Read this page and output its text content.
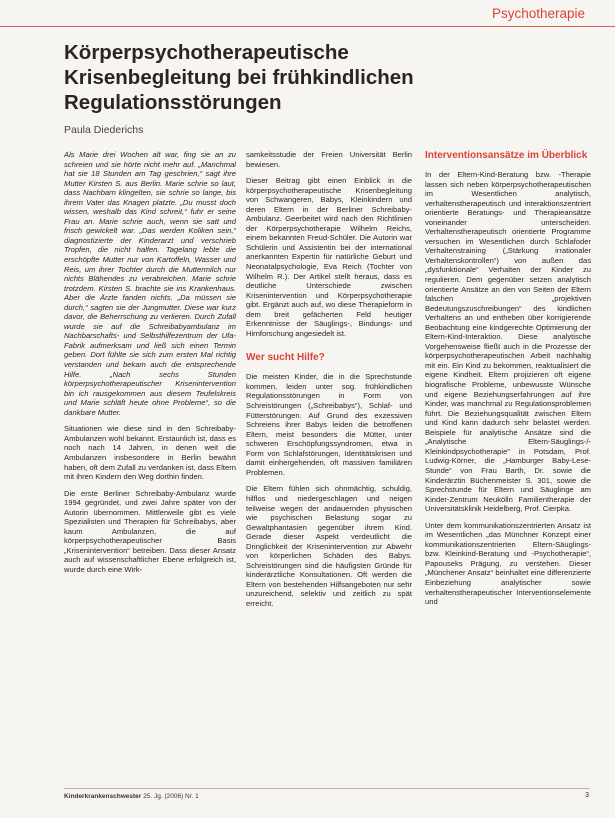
Psychotherapie
Körperpsychotherapeutische
Krisenbegleitung bei frühkindlichen
Regulationsstörungen
Paula Diederichs

Als Marie drei Wochen alt war, fing sie an zu schreien und sie hörte nicht mehr auf. „Manchmal hat sie 18 Stunden am Tag geschrien,“ sagt ihre Mutter Kirsten S. aus Berlin. Marie schrie so laut, dass Nachbarn klingelten, sie schrie so lange, bis ihrem Vater das Knagen platzte. „Du musst doch wissen, weshalb das Kind schreit,“ fuhr er seine Frau an. Marie schrie auch, wenn sie satt und frisch gewickelt war. „Das werden Koliken sein,“ diagnostizierte der Kinderarzt und verschrieb Tropfen, die nicht halfen. Tagelang lebte die erschöpfte Mutter nur von Kartoffeln, Wasser und Reis, um ihrer Tochter durch die Muttermilch nur nichts Blähendes zu verabreichen. Marie schrie trotzdem. Kirsten S. brachte sie ins Krankenhaus. Aber die Ärzte fanden nichts. „Da müssen sie durch,“ sagten sie der Jungmutter. Diese war kurz davor, die Beherrschung zu verlieren. Durch Zufall wurde sie auf die Schreibabyambulanz im Nachbarschafts- und Selbsthilfezentrum der Ufa-Fabrik aufmerksam und ließ sich einen Termin geben. Dort fühlte sie sich zum ersten Mal richtig verstanden und bekam auch die entsprechende Hilfe. „Nach sechs Stunden körperpsychotherapeutischer Krisenintervention bin ich rausgekommen aus diesem Teufelskreis und Marie schläft heute ohne Probleme“, so die dankbare Mutter.

Situationen wie diese sind in den Schreibaby-Ambulanzen wohl bekannt. Erstaunlich ist, dass es noch nach 14 Jahren, in denen weit die Ambulanzen insbesondere in Berlin bewährt haben, oft dem Zufall zu verdanken ist, dass Eltern mit ihren Kindern den Weg dorthin finden.

Die erste Berliner Schreibaby-Ambulanz wurde 1994 gegründet, und zwei Jahre später von der Autorin übernommen. Mittlerweile gibt es viele Spezialisten und Therapien für Schreibabys, aber kaum Ambulanzen, die auf körperpsychotherapeutischer Basis „Krisenintervention“ betreiben. Dass dieser Ansatz auch auf wissenschaftlicher Ebene erfolgreich ist, wurde durch eine Wirk-

samkeitsstudie der Freien Universität Berlin bewiesen.

Dieser Beitrag gibt einen Einblick in die körperpsychotherapeutische Krisenbegleitung von Schwangeren, Babys, Kleinkindern und deren Eltern in der Berliner Schreibaby-Ambulanz. Geerbeitet wird nach den Richtlinien der Körperpsychotherapie Wilhelm Reichs, einem bekannten Freud-Schüler. Die Autorin war Schülerin und Assistentin bei der international anerkannten Expertin für natürliche Geburt und Neonatalpsychologie, Eva Reich (Tochter von Wilhelm R.). Der Artikel stellt heraus, dass es deutliche Unterschiede zwischen Krisenintervention und Körperpsychotherapie gibt. Ergänzt auch auf, wo diese Therapieform in dem breit gefächerten Feld heutiger Erkenntnisse der Säuglings-, Bindungs- und Hirnforschung angesiedelt ist.

Wer sucht Hilfe?

Die meisten Kinder, die in die Sprechstunde kommen, leiden unter sog. frühkindlichen Regulationsstörungen in Form von Schreistörungen („Schreibabys“), Schlaf- und Fütterstörungen. Auf Grund des exzessiven Schreiens ihrer Babys leiden die betroffenen Eltern, meist besonders die Mütter, unter schweren Erschöpfungssyndromen, etwa in Form von Schlafstörungen, Identitätskrisen und damit einhergehenden, oft massiven familiären Problemen.

Die Eltern fühlen sich ohnmächtig, schuldig, hilflos und niedergeschlagen und neigen teilweise wegen der andauernden physischen wie psychischen Belastung sogar zu Gewaltphantasien gegenüber ihrem Kind. Gerade dieser Aspekt verdeutlicht die Dringlichkeit der Krisenintervention zur Abwehr von körperlichen Schäden des Babys. Schreistörungen sind die häufigsten Gründe für kinderärztliche Konsultationen. Oft werden die Eltern von bestehenden Hilfsangeboten nur sehr unzureichend, selektiv und zeitlich zu spät erreicht.

Interventionsansätze im Überblick

In der Eltern-Kind-Beratung bzw. -Therapie lassen sich neben körperpsychotherapeutischen im Wesentlichen analytisch, verhaltenstherapeutisch und interaktionszentriert orientierte Beratungs- und Therapieansätze voneinander unterscheiden. Verhaltenstherapeutisch orientierte Programme versuchen im Wesentlichen durch Schlafoder Verhaltenstraining („Stärkung irrationaler Verhaltenskontrollen“) von außen das „dysfunktionale“ Verhalten der Kinder zu regulieren. Dem gegenüber setzen analytisch orientierte Ansätze an den von Seiten der Eltern falschen „projektiven Bedeutungszuschreibungen“ des kindlichen Verhaltens an und entheben über korrigierende Beobachtung eine kindgerechte Optimierung der Eltern-Kind-Interaktion. Diese analytische Vorgehensweise fließt auch in die Prozesse der körperpsychotherapeutischen Arbeit nachhaltig mit ein. Ein Kind zu bekommen, reaktualisiert die eigene Kindheit. Eltern projizieren oft eigene biografische Probleme, unbewusste Wünsche und eigene Beziehungserfahrungen auf ihre Kinder, was manchmal zu Regulationsproblemen führt. Die Beziehungsqualität zwischen Eltern und Kind kann dadurch sehr belastet werden. Beispiele für analytische Ansätze sind die „Analytische Eltern-Säuglings-/-Kleinkindpsychotherapie“ in Potsdam, Prof. Ludwig-Körner, die „Hamburger Baby-Lese-Stunde“ von Frau Barth, Dr. sowie die Kinderärztin Büchenmeister S. 301, sowie die Sprechstunde für Eltern und Säuglinge am Kinder-Zentrum Neukölln Familientherapie der Universitätsklinik Heidelberg, Prof. Cierpka.

Unter dem kommunikationszentrierten Ansatz ist im Wesentlichen „das Münchner Konzept einer kommunikationszentrierten Eltern-Säuglings- bzw. Kleinkind-Beratung und -Psychotherapie“, Papouseks Prägung, zu verstehen. Dieser „Münchener Ansatz“ beinhaltet eine differenzierte Einbeziehung analytischer sowie verhaltenstherapeutischer Interventionselemente und

Kinderkrankenschwester 25. Jg. (2006) Nr. 1	3
